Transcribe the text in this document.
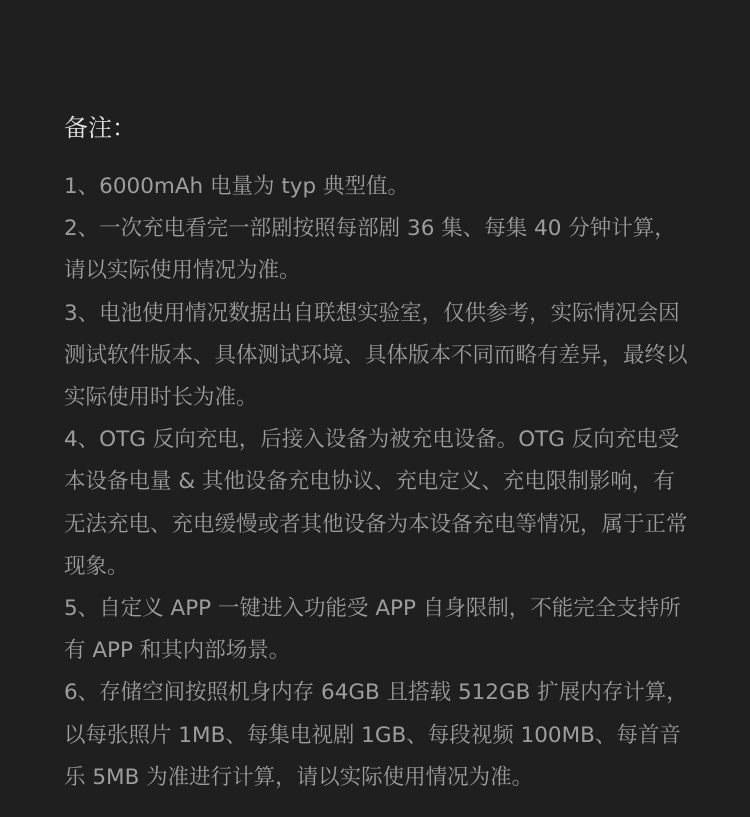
备注：

1、6000mAh 电量为 typ 典型值。

2、一次充电看完一部剧按照每部剧 36 集、每集 40 分钟计算，请以实际使用情况为准。

3、电池使用情况数据出自联想实验室，仅供参考，实际情况会因测试软件版本、具体测试环境、具体版本不同而略有差异，最终以实际使用时长为准。

4、OTG 反向充电，后接入设备为被充电设备。OTG 反向充电受本设备电量 & 其他设备充电协议、充电定义、充电限制影响，有无法充电、充电缓慢或者其他设备为本设备充电等情况，属于正常现象。

5、自定义 APP 一键进入功能受 APP 自身限制，不能完全支持所有 APP 和其内部场景。

6、存储空间按照机身内存 64GB 且搭载 512GB 扩展内存计算，以每张照片 1MB、每集电视剧 1GB、每段视频 100MB、每首音乐 5MB 为准进行计算，请以实际使用情况为准。
